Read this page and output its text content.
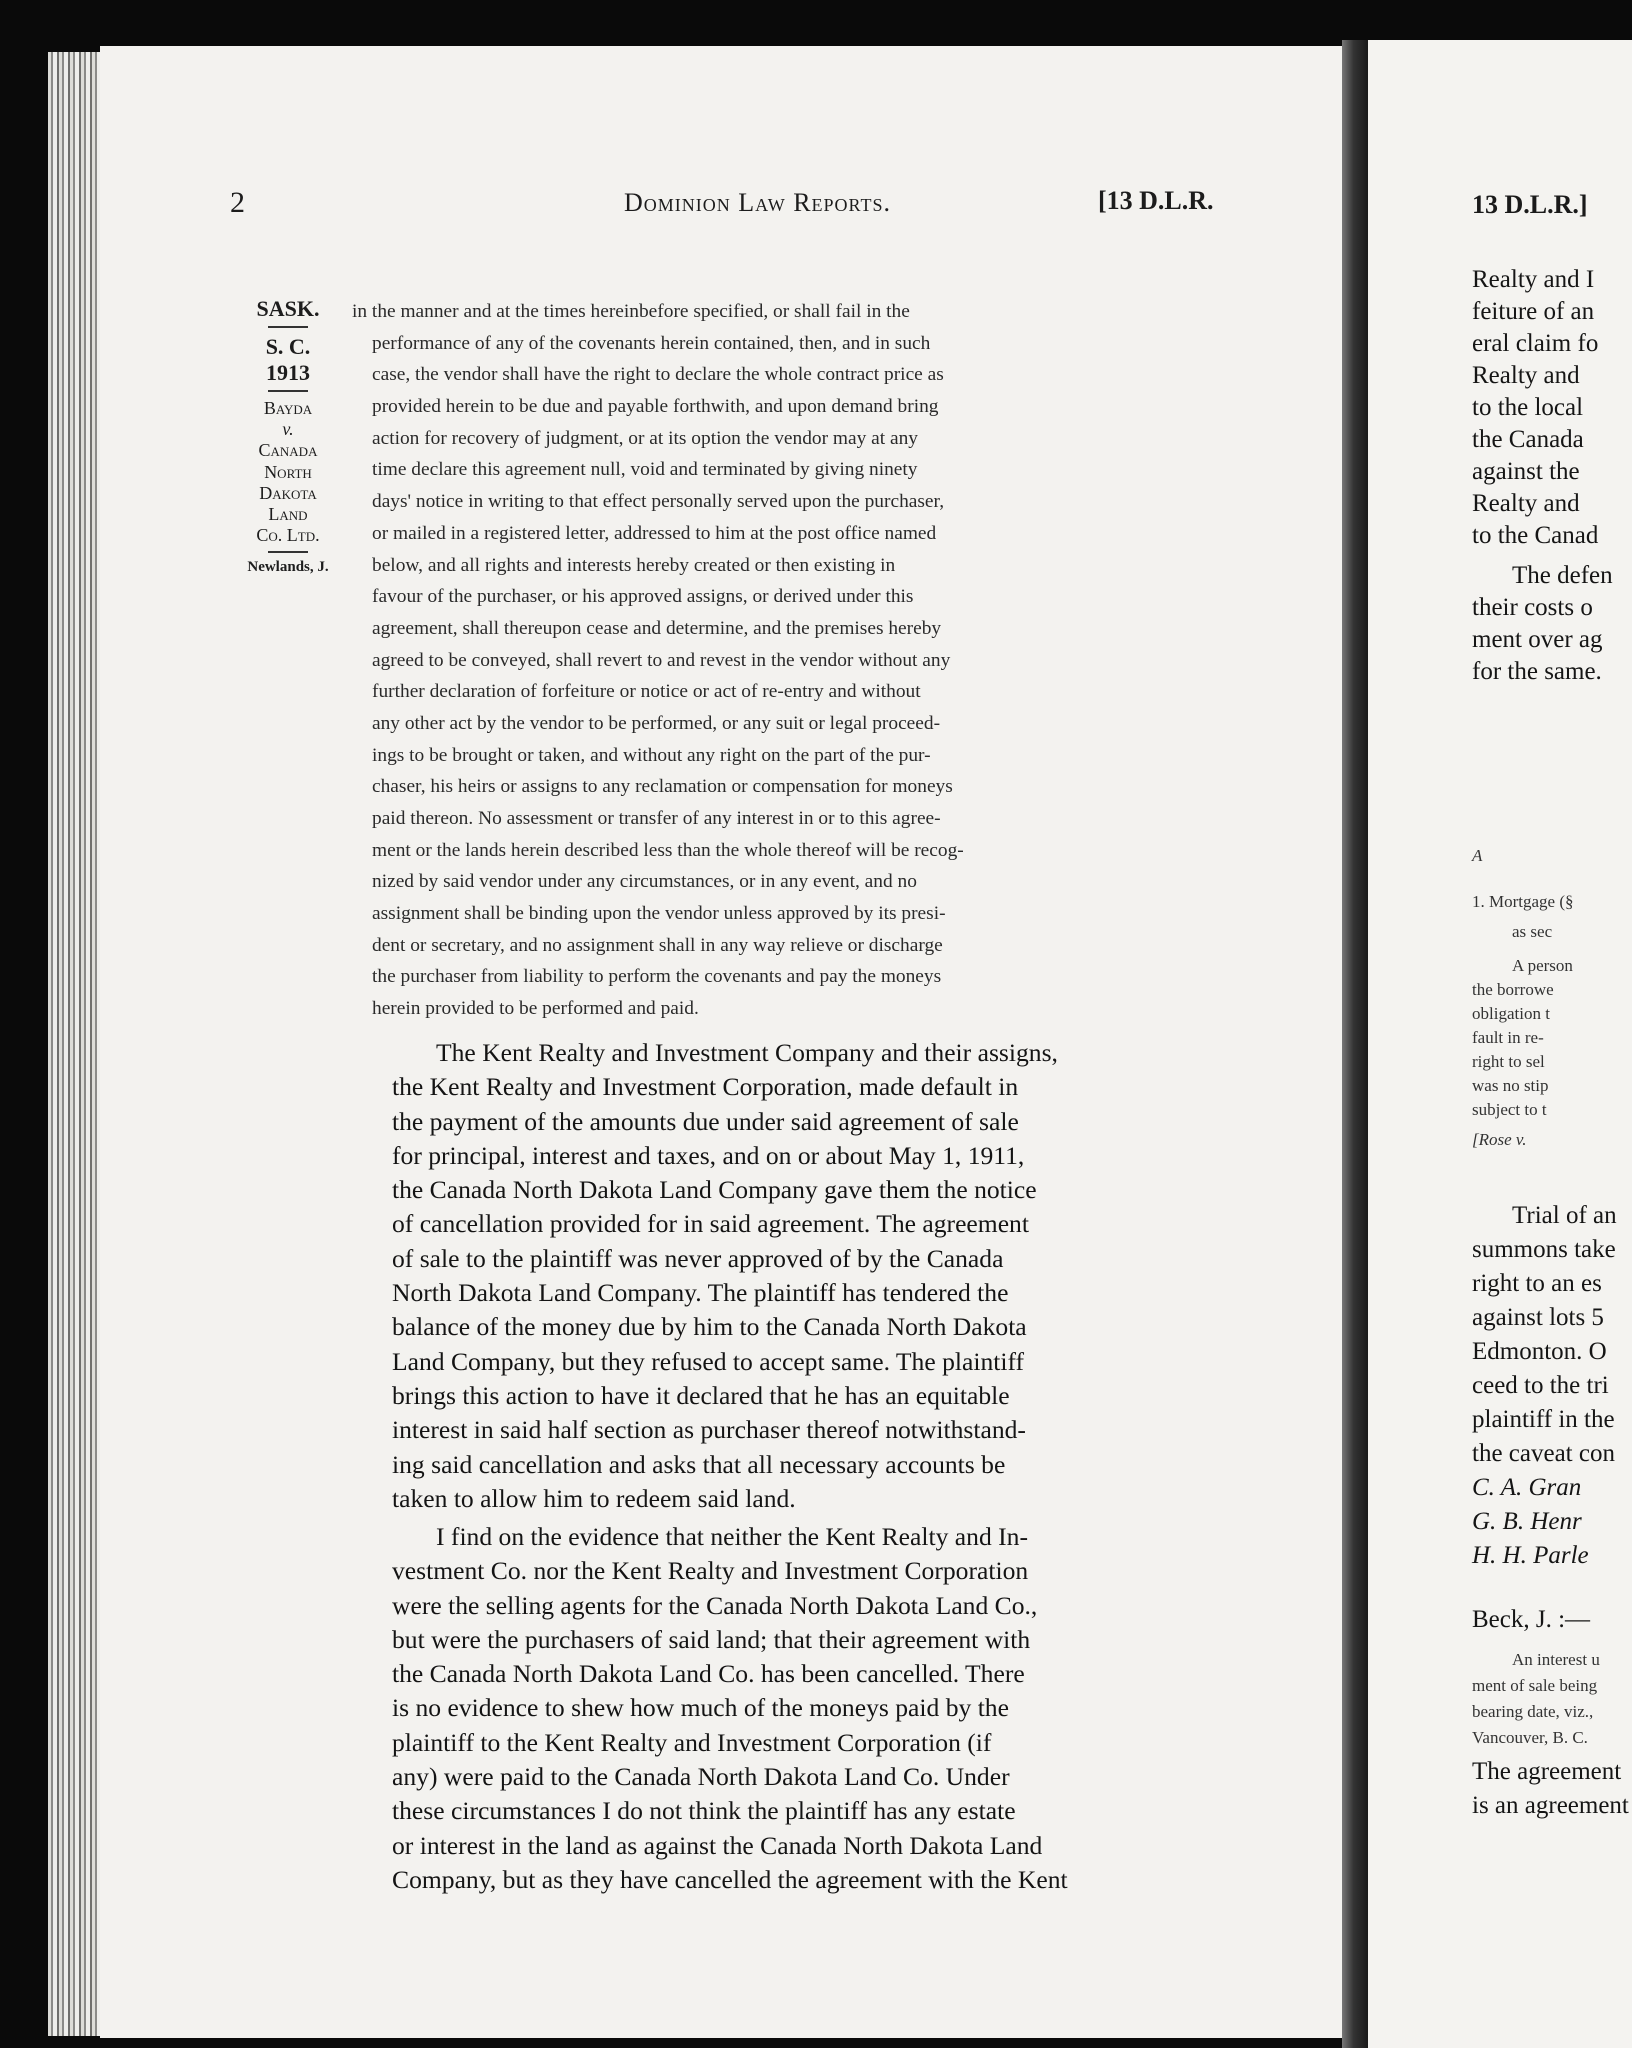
2	Dominion Law Reports.	[13 D.L.R.
SASK.
S. C.
1913
Bayda
v.
Canada
North
Dakota
Land
Co. Ltd.
Newlands, J.
in the manner and at the times hereinbefore specified, or shall fail in the
performance of any of the covenants herein contained, then, and in such
case, the vendor shall have the right to declare the whole contract price as
provided herein to be due and payable forthwith, and upon demand bring
action for recovery of judgment, or at its option the vendor may at any
time declare this agreement null, void and terminated by giving ninety
days' notice in writing to that effect personally served upon the purchaser,
or mailed in a registered letter, addressed to him at the post office named
below, and all rights and interests hereby created or then existing in
favour of the purchaser, or his approved assigns, or derived under this
agreement, shall thereupon cease and determine, and the premises hereby
agreed to be conveyed, shall revert to and revest in the vendor without any
further declaration of forfeiture or notice or act of re-entry and without
any other act by the vendor to be performed, or any suit or legal proceed-
ings to be brought or taken, and without any right on the part of the pur-
chaser, his heirs or assigns to any reclamation or compensation for moneys
paid thereon. No assessment or transfer of any interest in or to this agree-
ment or the lands herein described less than the whole thereof will be recog-
nized by said vendor under any circumstances, or in any event, and no
assignment shall be binding upon the vendor unless approved by its presi-
dent or secretary, and no assignment shall in any way relieve or discharge
the purchaser from liability to perform the covenants and pay the moneys
herein provided to be performed and paid.
The Kent Realty and Investment Company and their assigns,
the Kent Realty and Investment Corporation, made default in
the payment of the amounts due under said agreement of sale
for principal, interest and taxes, and on or about May 1, 1911,
the Canada North Dakota Land Company gave them the notice
of cancellation provided for in said agreement. The agreement
of sale to the plaintiff was never approved of by the Canada
North Dakota Land Company. The plaintiff has tendered the
balance of the money due by him to the Canada North Dakota
Land Company, but they refused to accept same. The plaintiff
brings this action to have it declared that he has an equitable
interest in said half section as purchaser thereof notwithstand-
ing said cancellation and asks that all necessary accounts be
taken to allow him to redeem said land.
I find on the evidence that neither the Kent Realty and In-
vestment Co. nor the Kent Realty and Investment Corporation
were the selling agents for the Canada North Dakota Land Co.,
but were the purchasers of said land; that their agreement with
the Canada North Dakota Land Co. has been cancelled. There
is no evidence to shew how much of the moneys paid by the
plaintiff to the Kent Realty and Investment Corporation (if
any) were paid to the Canada North Dakota Land Co. Under
these circumstances I do not think the plaintiff has any estate
or interest in the land as against the Canada North Dakota Land
Company, but as they have cancelled the agreement with the Kent
13 D.L.R.]
Realty and I
feiture of an
eral claim fo
Realty and
to the local
the Canada
against the
Realty and
to the Canad
The defen
their costs o
ment over ag
for the same.
A
1. Mortgage (§
as sec
A person
the borrowe
obligation t
fault in re-
right to sel
was no stip
subject to t
[Rose v.
Trial of an
summons take
right to an es
against lots 5
Edmonton. O
ceed to the tri
plaintiff in the
the caveat con
C. A. Gran
G. B. Henr
H. H. Parle
Beck, J. :—
An interest u
ment of sale being
bearing date, viz.,
Vancouver, B. C.
The agreement
is an agreement
